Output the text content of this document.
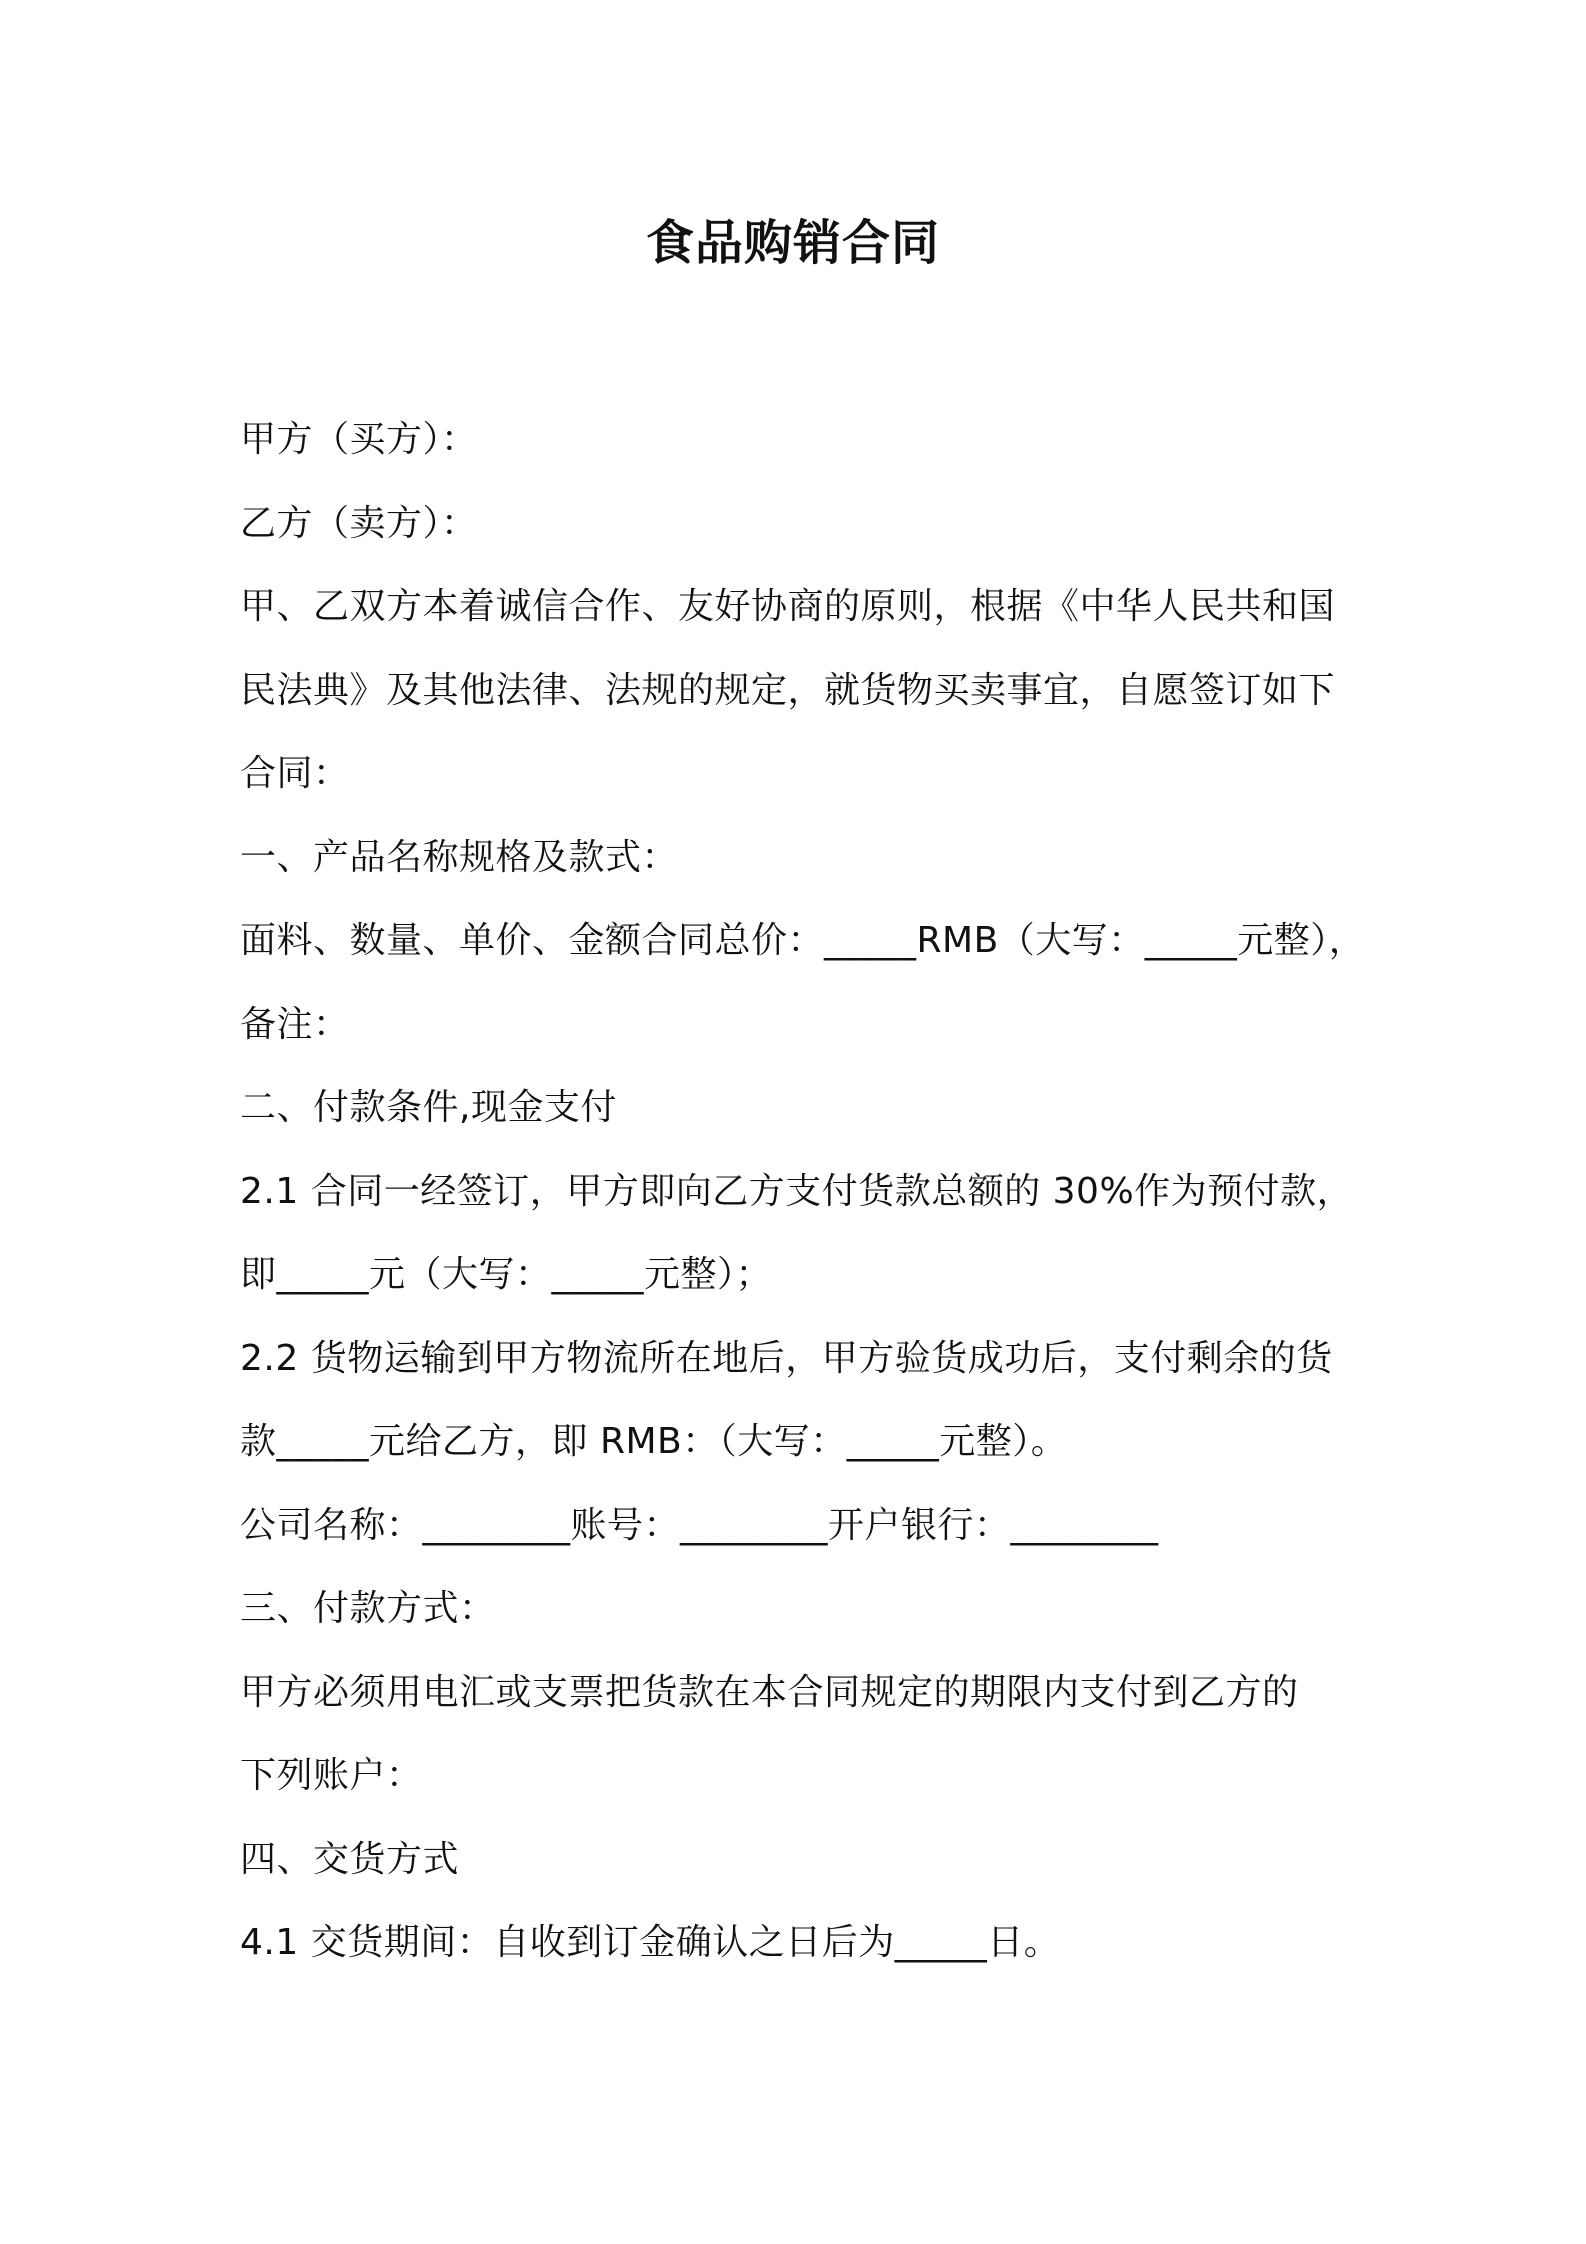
食品购销合同

甲方（买方）：

乙方（卖方）：

甲、乙双方本着诚信合作、友好协商的原则，根据《中华人民共和国

民法典》及其他法律、法规的规定，就货物买卖事宜，自愿签订如下

合同：

一、产品名称规格及款式：

面料、数量、单价、金额合同总价：_____RMB（大写：_____元整），

备注：

二、付款条件,现金支付

2.1 合同一经签订，甲方即向乙方支付货款总额的 30%作为预付款，

即_____元（大写：_____元整）；

2.2 货物运输到甲方物流所在地后，甲方验货成功后，支付剩余的货

款_____元给乙方，即 RMB：（大写：_____元整）。

公司名称：________账号：________开户银行：________

三、付款方式：

甲方必须用电汇或支票把货款在本合同规定的期限内支付到乙方的

下列账户：

四、交货方式

4.1 交货期间：自收到订金确认之日后为_____日。
